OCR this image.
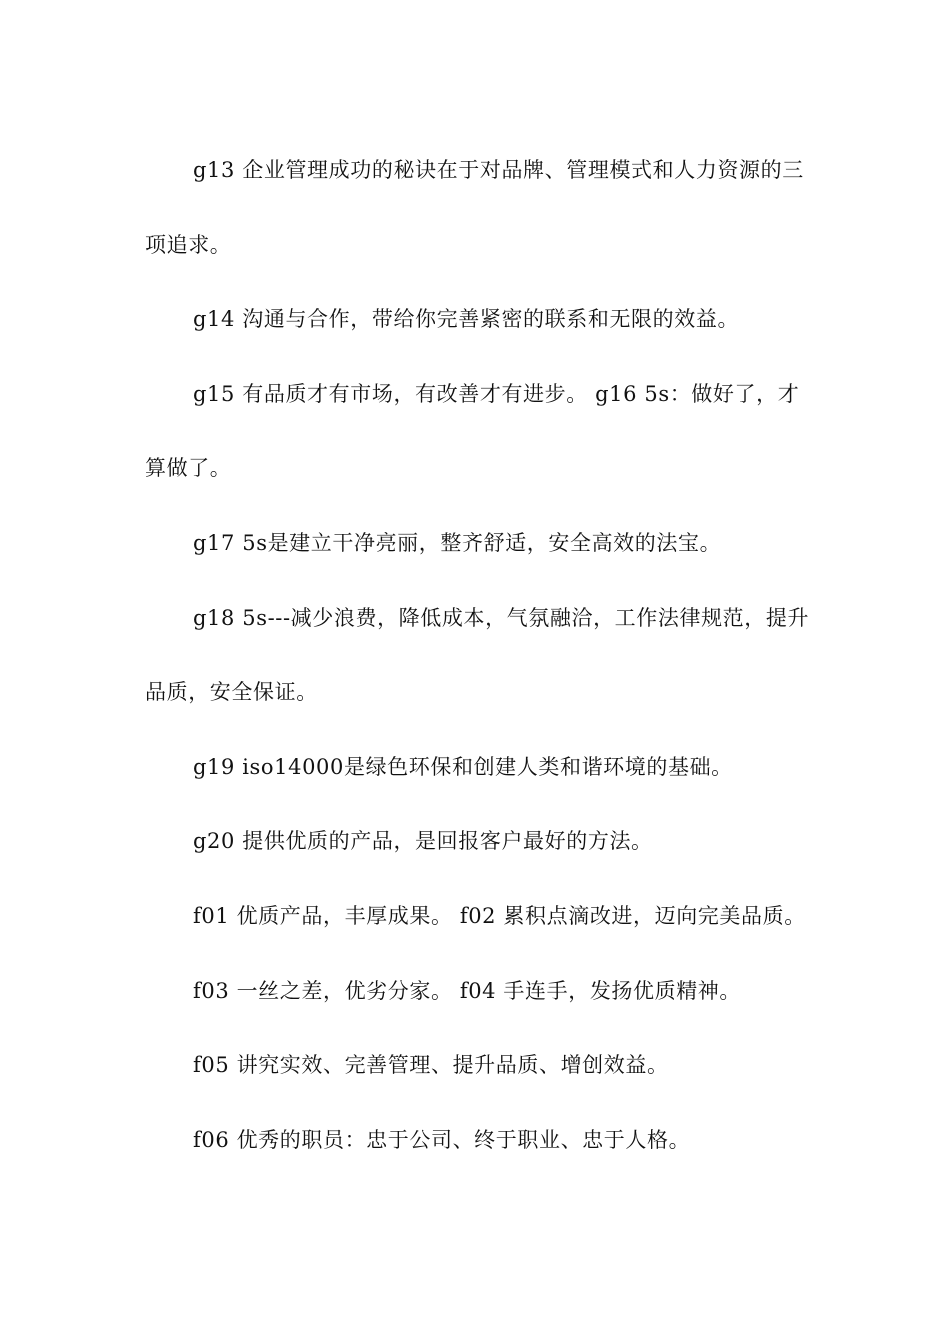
g13 企业管理成功的秘诀在于对品牌、管理模式和人力资源的三项追求。

g14 沟通与合作，带给你完善紧密的联系和无限的效益。

g15 有品质才有市场，有改善才有进步。 g16 5s：做好了，才算做了。

g17 5s是建立干净亮丽，整齐舒适，安全高效的法宝。

g18 5s---减少浪费，降低成本，气氛融洽，工作法律规范，提升品质，安全保证。

g19 iso14000是绿色环保和创建人类和谐环境的基础。

g20 提供优质的产品，是回报客户最好的方法。

f01 优质产品，丰厚成果。 f02 累积点滴改进，迈向完美品质。

f03 一丝之差，优劣分家。 f04 手连手，发扬优质精神。

f05 讲究实效、完善管理、提升品质、增创效益。

f06 优秀的职员：忠于公司、终于职业、忠于人格。
